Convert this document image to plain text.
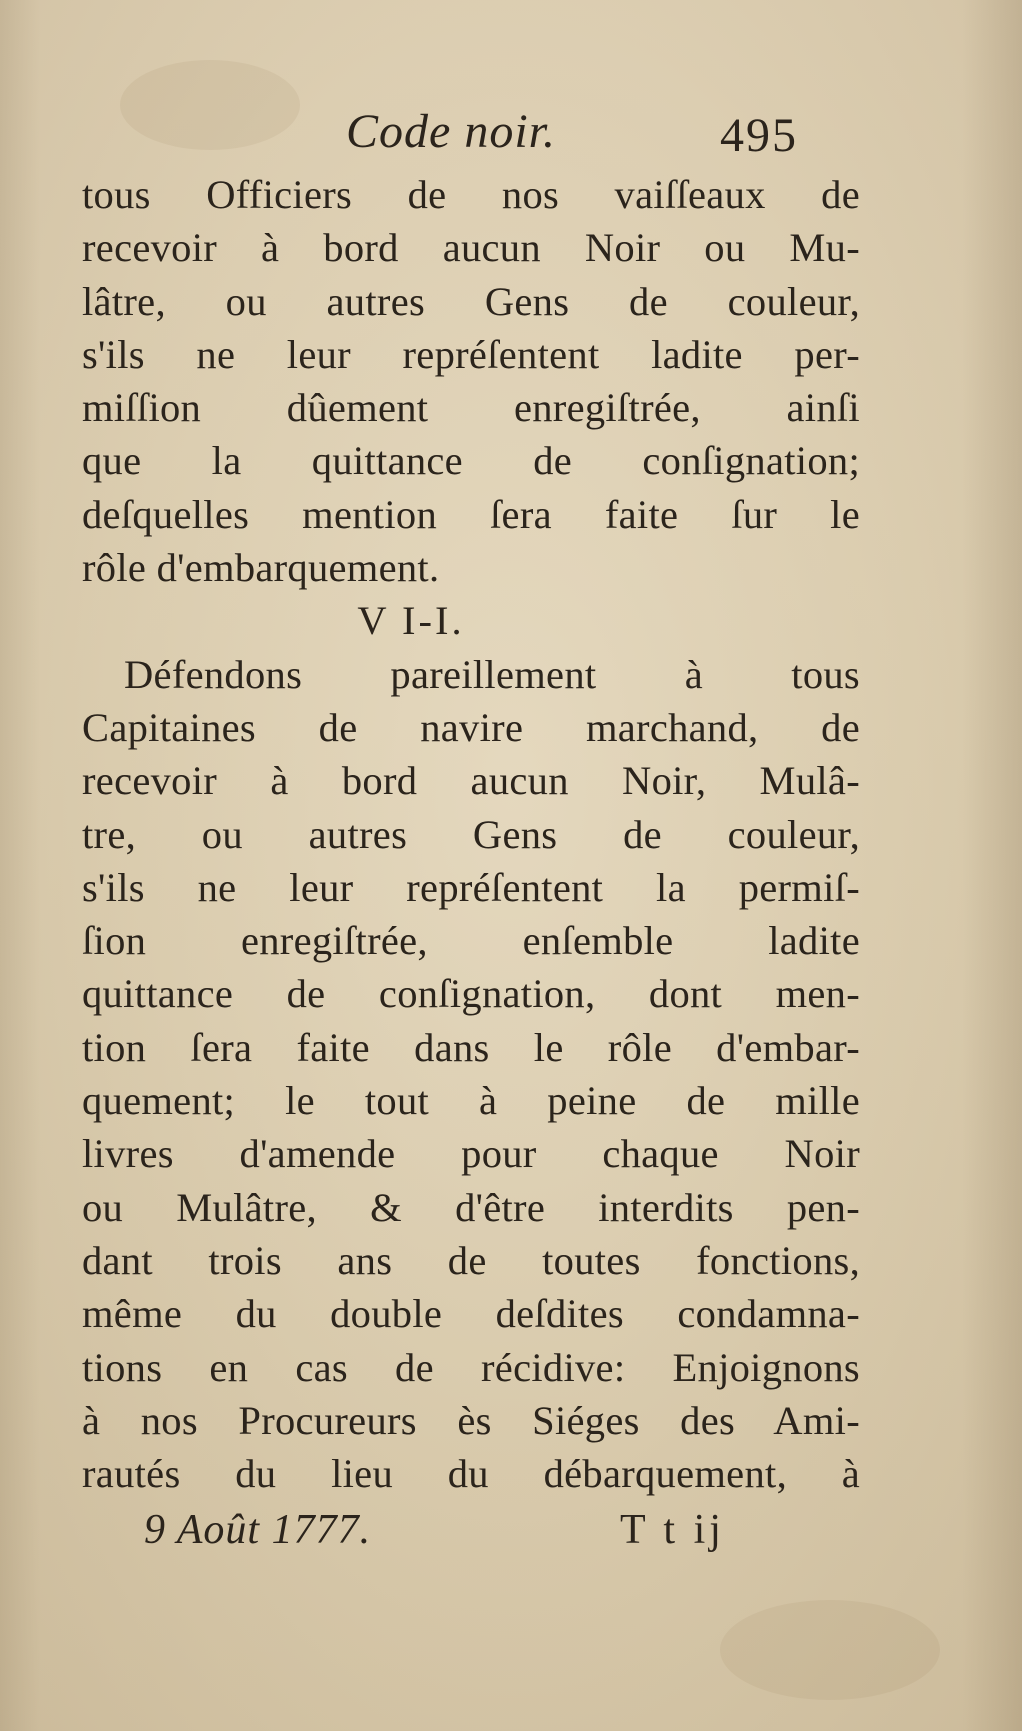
Code noir.	495
tous Officiers de nos vaiſſeaux de
recevoir à bord aucun Noir ou Mu-
lâtre, ou autres Gens de couleur,
s'ils ne leur repréſentent ladite per-
miſſion dûement enregiſtrée, ainſi
que la quittance de conſignation;
deſquelles mention ſera faite ſur le
rôle d'embarquement.
V I-I.
Défendons pareillement à tous
Capitaines de navire marchand, de
recevoir à bord aucun Noir, Mulâ-
tre, ou autres Gens de couleur,
s'ils ne leur repréſentent la permiſ-
ſion enregiſtrée, enſemble ladite
quittance de conſignation, dont men-
tion ſera faite dans le rôle d'embar-
quement; le tout à peine de mille
livres d'amende pour chaque Noir
ou Mulâtre, & d'être interdits pen-
dant trois ans de toutes fonctions,
même du double deſdites condamna-
tions en cas de récidive: Enjoignons
à nos Procureurs ès Siéges des Ami-
rautés du lieu du débarquement, à
9 Août 1777.	T t ij
